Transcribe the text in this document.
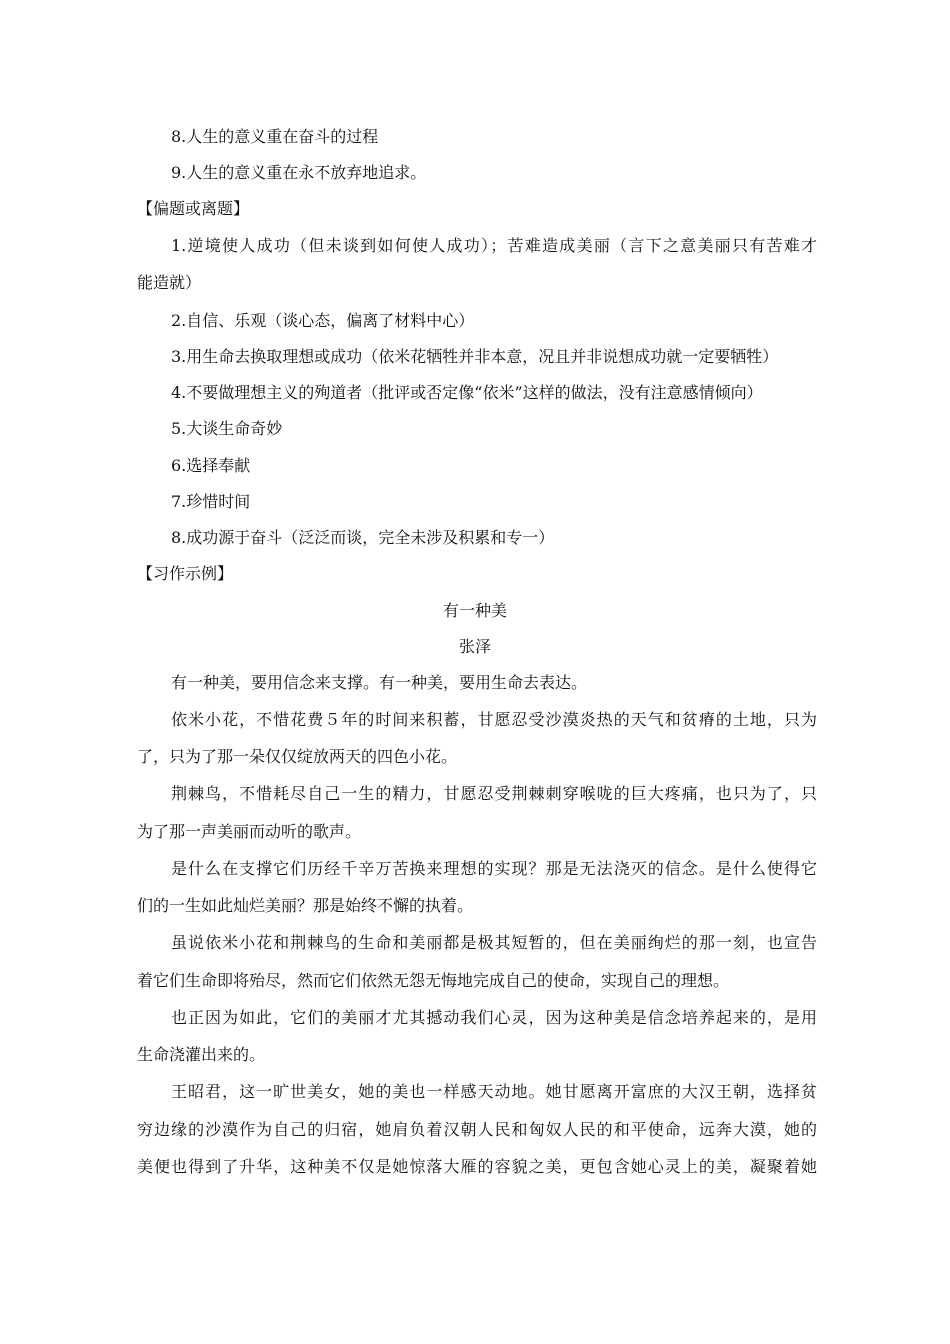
8.人生的意义重在奋斗的过程
9.人生的意义重在永不放弃地追求。
【偏题或离题】
1.逆境使人成功（但未谈到如何使人成功）；苦难造成美丽（言下之意美丽只有苦难才
能造就）
2.自信、乐观（谈心态，偏离了材料中心）
3.用生命去换取理想或成功（依米花牺牲并非本意，况且并非说想成功就一定要牺牲）
4.不要做理想主义的殉道者（批评或否定像“依米”这样的做法，没有注意感情倾向）
5.大谈生命奇妙
6.选择奉献
7.珍惜时间
8.成功源于奋斗（泛泛而谈，完全未涉及积累和专一）
【习作示例】
有一种美
张泽
有一种美，要用信念来支撑。有一种美，要用生命去表达。
依米小花，不惜花费５年的时间来积蓄，甘愿忍受沙漠炎热的天气和贫瘠的土地，只为
了，只为了那一朵仅仅绽放两天的四色小花。
荆棘鸟，不惜耗尽自己一生的精力，甘愿忍受荆棘刺穿喉咙的巨大疼痛，也只为了，只
为了那一声美丽而动听的歌声。
是什么在支撑它们历经千辛万苦换来理想的实现？那是无法浇灭的信念。是什么使得它
们的一生如此灿烂美丽？那是始终不懈的执着。
虽说依米小花和荆棘鸟的生命和美丽都是极其短暂的，但在美丽绚烂的那一刻，也宣告
着它们生命即将殆尽，然而它们依然无怨无悔地完成自己的使命，实现自己的理想。
也正因为如此，它们的美丽才尤其撼动我们心灵，因为这种美是信念培养起来的，是用
生命浇灌出来的。
王昭君，这一旷世美女，她的美也一样感天动地。她甘愿离开富庶的大汉王朝，选择贫
穷边缘的沙漠作为自己的归宿，她肩负着汉朝人民和匈奴人民的和平使命，远奔大漠，她的
美便也得到了升华，这种美不仅是她惊落大雁的容貌之美，更包含她心灵上的美，凝聚着她
